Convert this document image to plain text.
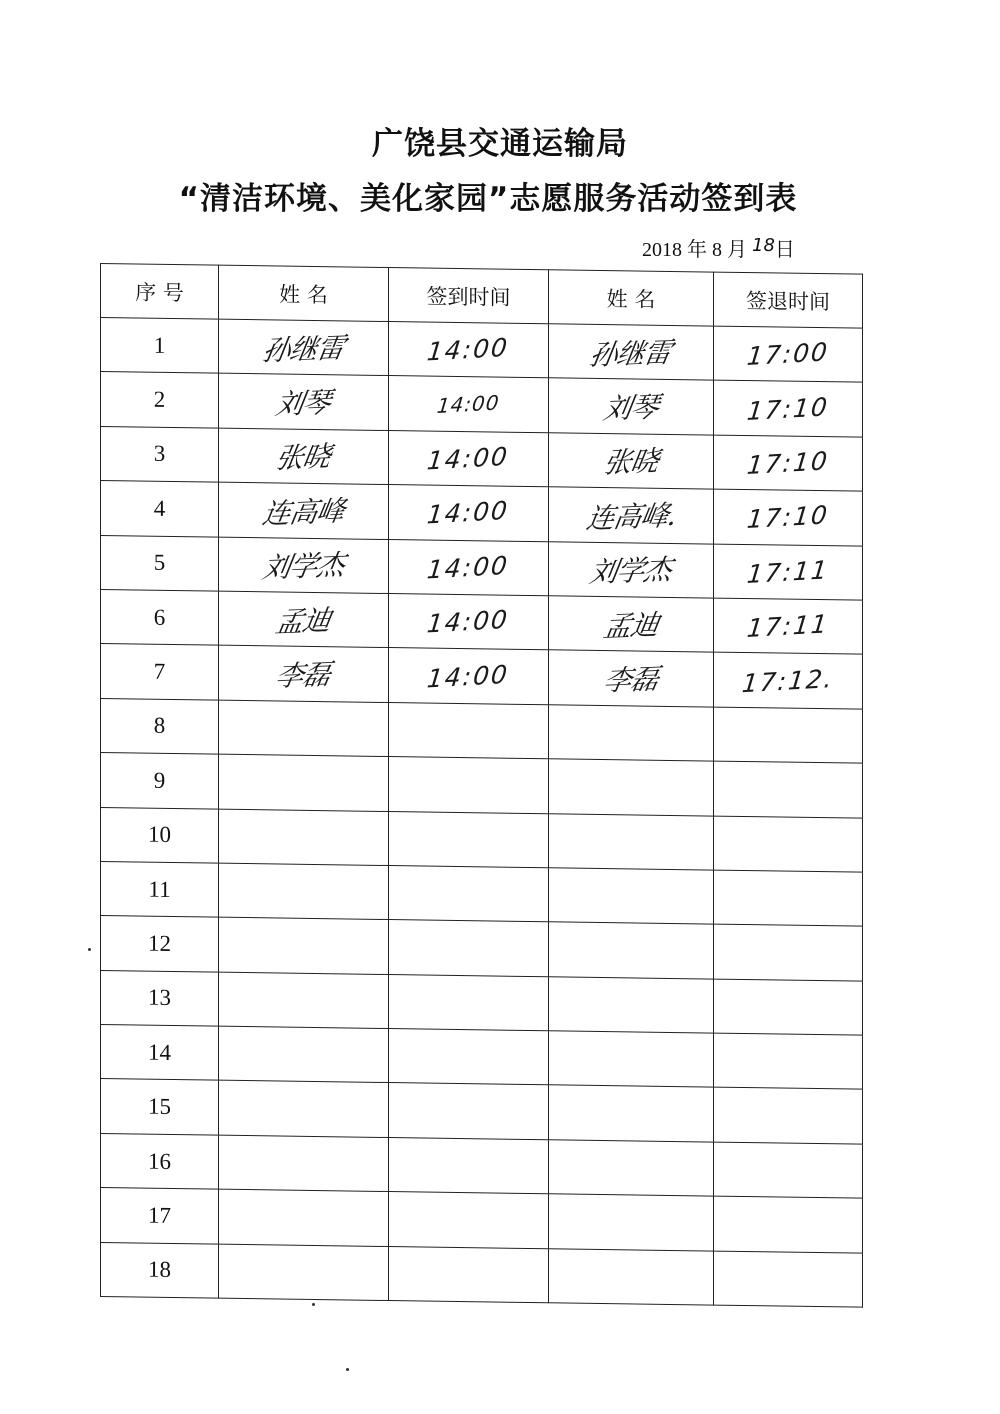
广饶县交通运输局
“清洁环境、美化家园”志愿服务活动签到表
2018 年 8 月 18日
序 号	姓 名	签到时间	姓 名	签退时间
1	孙继雷	14:00	孙继雷	17:00
2	刘琴	14:00	刘琴	17:10
3	张晓	14:00	张晓	17:10
4	连高峰	14:00	连高峰.	17:10
5	刘学杰	14:00	刘学杰	17:11
6	孟迪	14:00	孟迪	17:11
7	李磊	14:00	李磊	17:12.
8				
9				
10				
11				
12				
13				
14				
15				
16				
17				
18				
